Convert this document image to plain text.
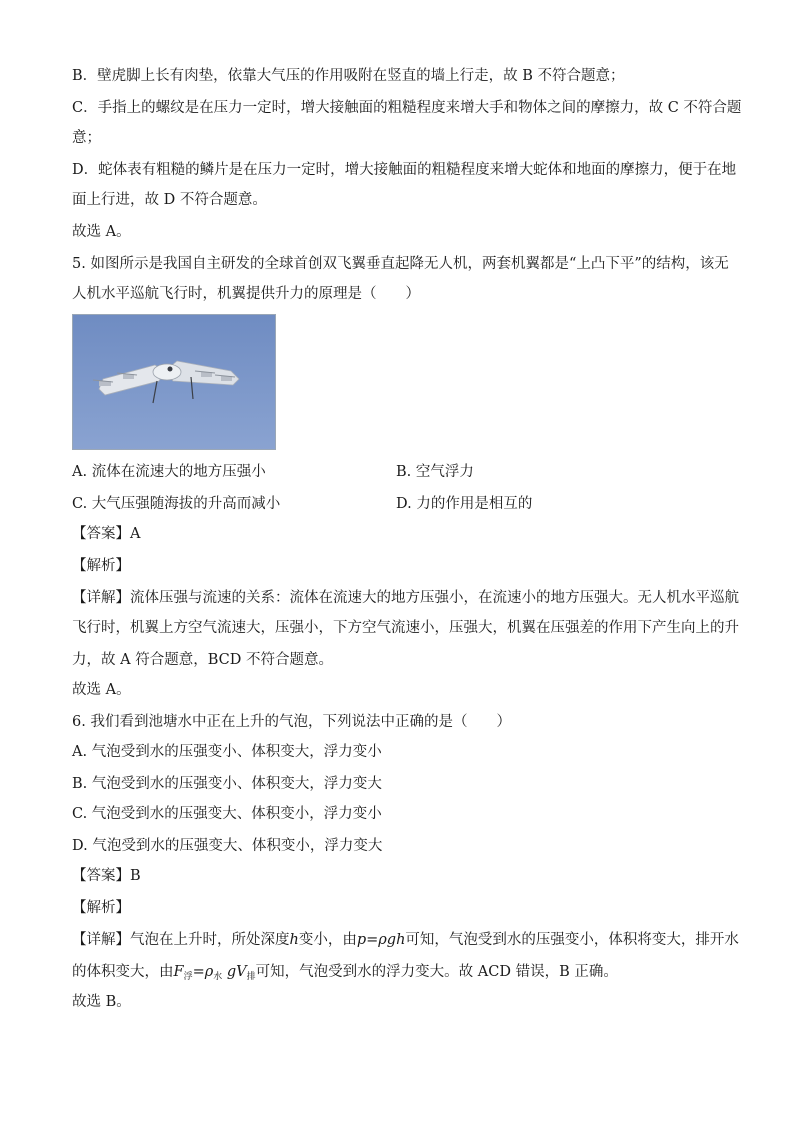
B．壁虎脚上长有肉垫，依靠大气压的作用吸附在竖直的墙上行走，故 B 不符合题意；
C．手指上的螺纹是在压力一定时，增大接触面的粗糙程度来增大手和物体之间的摩擦力，故 C 不符合题
意；
D．蛇体表有粗糙的鳞片是在压力一定时，增大接触面的粗糙程度来增大蛇体和地面的摩擦力，便于在地
面上行进，故 D 不符合题意。
故选 A。
5. 如图所示是我国自主研发的全球首创双飞翼垂直起降无人机，两套机翼都是“上凸下平”的结构，该无
人机水平巡航飞行时，机翼提供升力的原理是（　　）
A. 流体在流速大的地方压强小	B. 空气浮力
C. 大气压强随海拔的升高而减小	D. 力的作用是相互的
【答案】A
【解析】
【详解】流体压强与流速的关系：流体在流速大的地方压强小，在流速小的地方压强大。无人机水平巡航
飞行时，机翼上方空气流速大，压强小，下方空气流速小，压强大，机翼在压强差的作用下产生向上的升
力，故 A 符合题意，BCD 不符合题意。
故选 A。
6. 我们看到池塘水中正在上升的气泡，下列说法中正确的是（　　）
A. 气泡受到水的压强变小、体积变大，浮力变小
B. 气泡受到水的压强变小、体积变大，浮力变大
C. 气泡受到水的压强变大、体积变小，浮力变小
D. 气泡受到水的压强变大、体积变小，浮力变大
【答案】B
【解析】
【详解】气泡在上升时，所处深度h变小，由p=ρgh可知，气泡受到水的压强变小，体积将变大，排开水
的体积变大，由$F_浮=\rho_水$ $gV_排$可知，气泡受到水的浮力变大。故 ACD 错误，B 正确。
故选 B。
